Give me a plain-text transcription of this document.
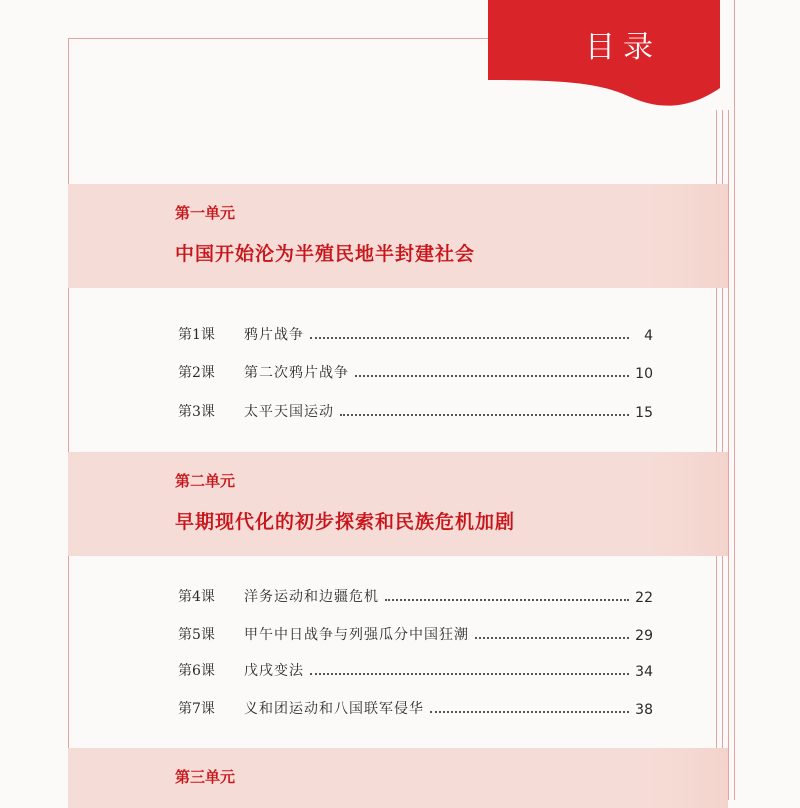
目录
第一单元
中国开始沦为半殖民地半封建社会
第1课	鸦片战争	4
第2课	第二次鸦片战争	10
第3课	太平天国运动	15
第二单元
早期现代化的初步探索和民族危机加剧
第4课	洋务运动和边疆危机	22
第5课	甲午中日战争与列强瓜分中国狂潮	29
第6课	戊戌变法	34
第7课	义和团运动和八国联军侵华	38
第三单元
